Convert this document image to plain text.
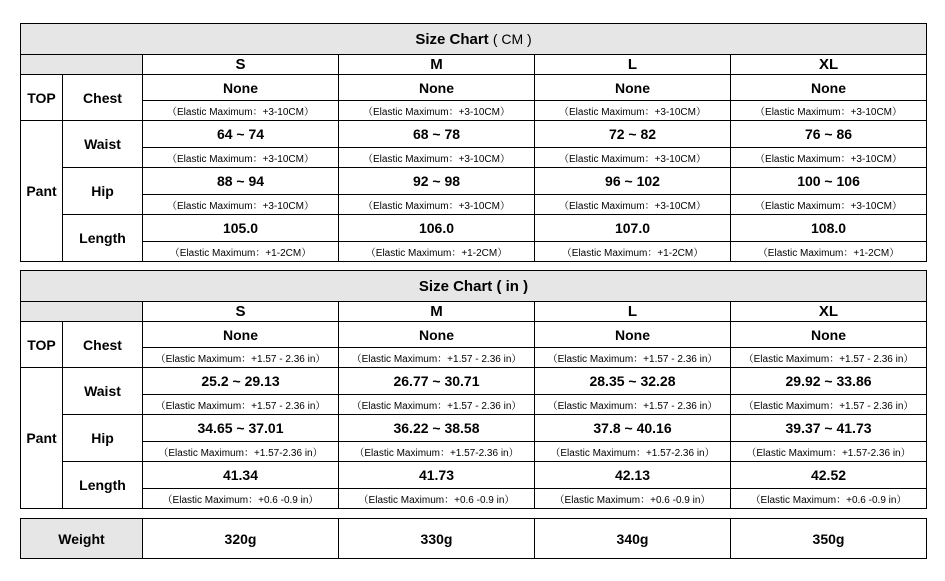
Size Chart ( CM )					
		S	M	L	XL
TOP	Chest	None	None	None	None
		（Elastic Maximum：+3-10CM）	（Elastic Maximum：+3-10CM）	（Elastic Maximum：+3-10CM）	（Elastic Maximum：+3-10CM）
Pant	Waist	64 ~ 74	68 ~ 78	72 ~ 82	76 ~ 86
		（Elastic Maximum：+3-10CM）	（Elastic Maximum：+3-10CM）	（Elastic Maximum：+3-10CM）	（Elastic Maximum：+3-10CM）
	Hip	88 ~ 94	92 ~ 98	96 ~ 102	100 ~ 106
		（Elastic Maximum：+3-10CM）	（Elastic Maximum：+3-10CM）	（Elastic Maximum：+3-10CM）	（Elastic Maximum：+3-10CM）
	Length	105.0	106.0	107.0	108.0
		（Elastic Maximum：+1-2CM）	（Elastic Maximum：+1-2CM）	（Elastic Maximum：+1-2CM）	（Elastic Maximum：+1-2CM）
Size Chart ( in )					
		S	M	L	XL
TOP	Chest	None	None	None	None
		（Elastic Maximum：+1.57 - 2.36 in）	（Elastic Maximum：+1.57 - 2.36 in）	（Elastic Maximum：+1.57 - 2.36 in）	（Elastic Maximum：+1.57 - 2.36 in）
Pant	Waist	25.2 ~ 29.13	26.77 ~ 30.71	28.35 ~ 32.28	29.92 ~ 33.86
		（Elastic Maximum：+1.57 - 2.36 in）	（Elastic Maximum：+1.57 - 2.36 in）	（Elastic Maximum：+1.57 - 2.36 in）	（Elastic Maximum：+1.57 - 2.36 in）
	Hip	34.65 ~ 37.01	36.22 ~ 38.58	37.8 ~ 40.16	39.37 ~ 41.73
		（Elastic Maximum：+1.57-2.36 in）	（Elastic Maximum：+1.57-2.36 in）	（Elastic Maximum：+1.57-2.36 in）	（Elastic Maximum：+1.57-2.36 in）
	Length	41.34	41.73	42.13	42.52
		（Elastic Maximum：+0.6 -0.9 in）	（Elastic Maximum：+0.6 -0.9 in）	（Elastic Maximum：+0.6 -0.9 in）	（Elastic Maximum：+0.6 -0.9 in）
Weight	320g	330g	340g	350g
